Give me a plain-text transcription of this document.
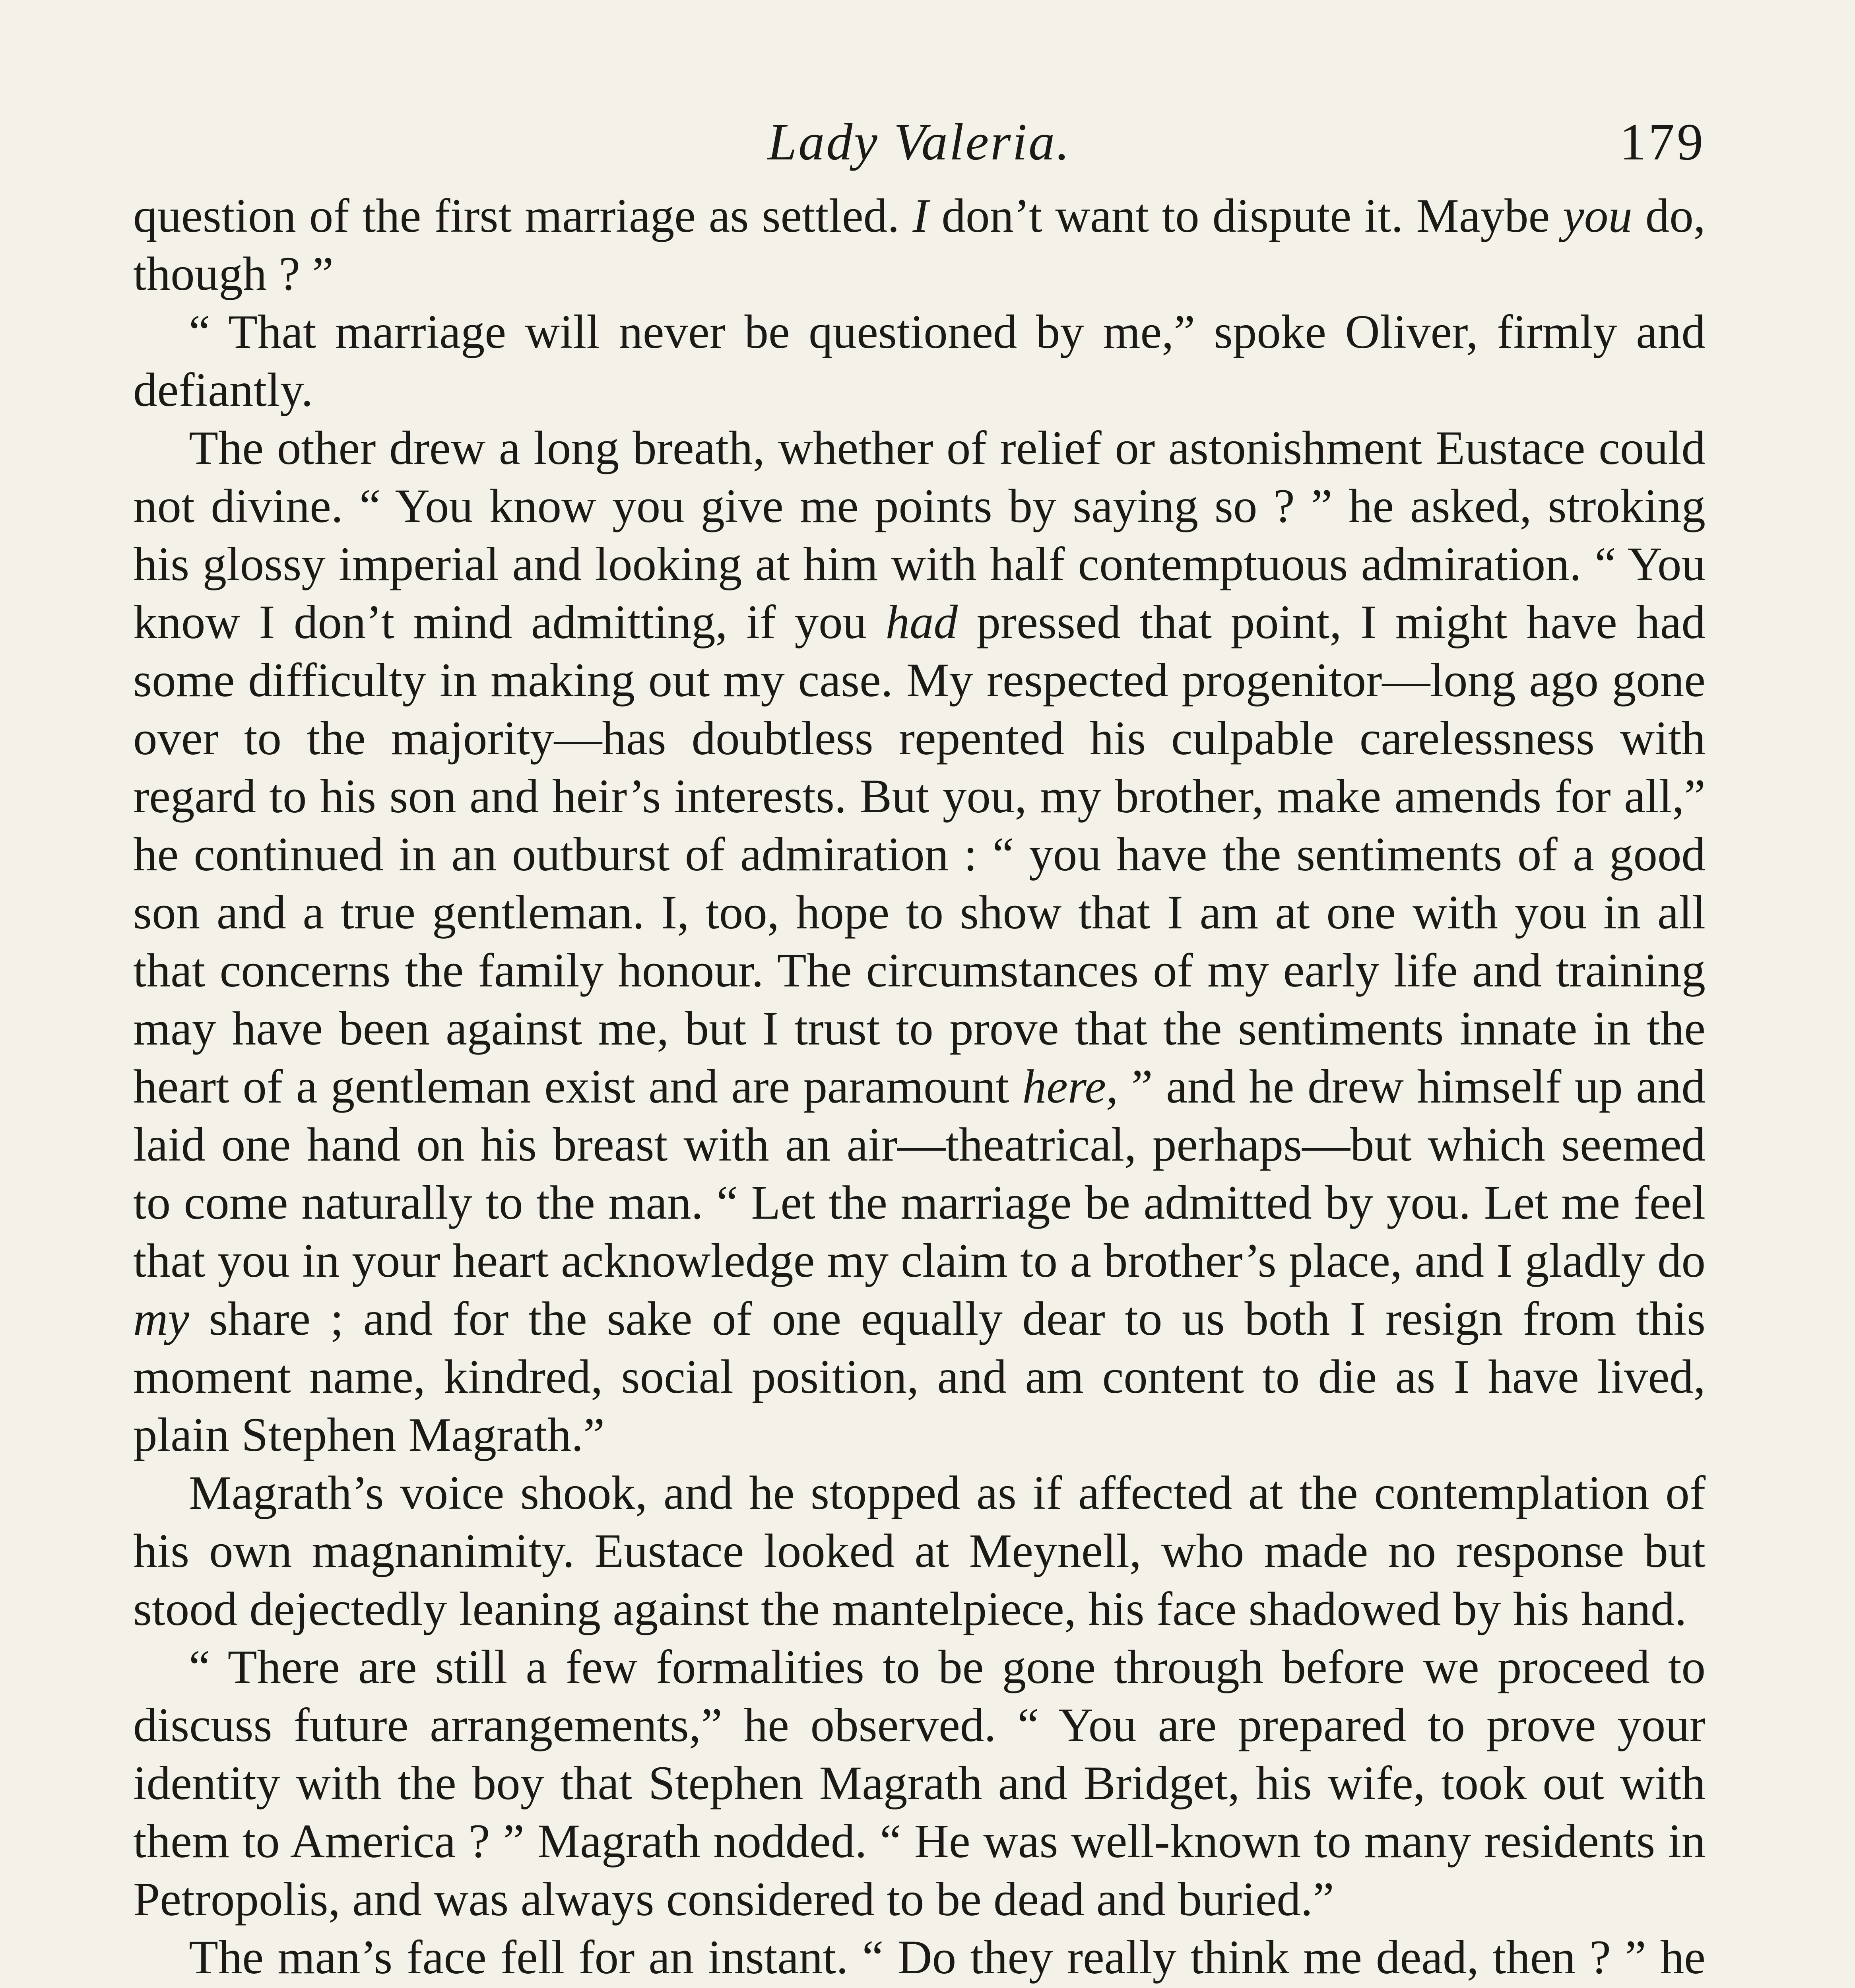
Lady Valeria.	179

question of the first marriage as settled. I don’t want to dispute it. Maybe you do, though ? ”

“ That marriage will never be questioned by me,” spoke Oliver, firmly and defiantly.

The other drew a long breath, whether of relief or astonishment Eustace could not divine. “ You know you give me points by saying so ? ” he asked, stroking his glossy imperial and looking at him with half contemptuous admiration. “ You know I don’t mind admitting, if you had pressed that point, I might have had some difficulty in making out my case. My respected progenitor—long ago gone over to the majority—has doubtless repented his culpable carelessness with regard to his son and heir’s interests. But you, my brother, make amends for all,” he continued in an outburst of admiration : “ you have the sentiments of a good son and a true gentleman. I, too, hope to show that I am at one with you in all that concerns the family honour. The circumstances of my early life and training may have been against me, but I trust to prove that the sentiments innate in the heart of a gentleman exist and are paramount here, ” and he drew himself up and laid one hand on his breast with an air—theatrical, perhaps—but which seemed to come naturally to the man. “ Let the marriage be admitted by you. Let me feel that you in your heart acknowledge my claim to a brother’s place, and I gladly do my share ; and for the sake of one equally dear to us both I resign from this moment name, kindred, social position, and am content to die as I have lived, plain Stephen Magrath.”

Magrath’s voice shook, and he stopped as if affected at the contemplation of his own magnanimity. Eustace looked at Meynell, who made no response but stood dejectedly leaning against the mantelpiece, his face shadowed by his hand.

“ There are still a few formalities to be gone through before we proceed to discuss future arrangements,” he observed. “ You are prepared to prove your identity with the boy that Stephen Magrath and Bridget, his wife, took out with them to America ? ” Magrath nodded. “ He was well-known to many residents in Petropolis, and was always considered to be dead and buried.”

The man’s face fell for an instant. “ Do they really think me dead, then ? ” he
